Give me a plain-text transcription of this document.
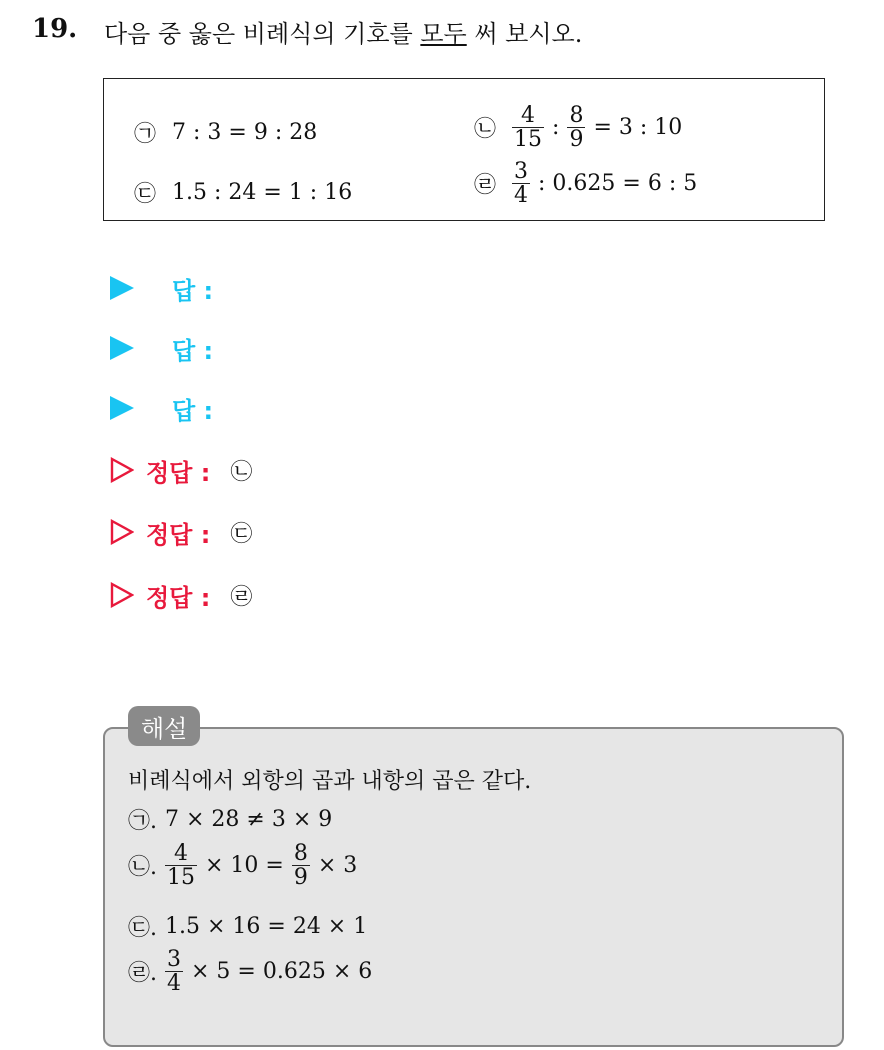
19. 다음 중 옳은 비례식의 기호를 모두 써 보시오.
㉠ 7 : 3 = 9 : 28	㉡ $\frac{4}{15}$ : $\frac{8}{9} = 3$ : 10
㉢ 1.5 : 24 = 1 : 16	㉣ $\frac{3}{4}$ : 0.625 = 6 : 5
답 :
답 :
답 :
정답 : ㉡
정답 : ㉢
정답 : ㉣
해설
비례식에서 외항의 곱과 내항의 곱은 같다.
㉠. 7 × 28 ≠ 3 × 9
㉡. $\frac{4}{15} \times 10 = \frac{8}{9} \times 3$
㉢. 1.5 × 16 = 24 × 1
㉣. $\frac{3}{4} \times 5 = 0.625 \times 6$
